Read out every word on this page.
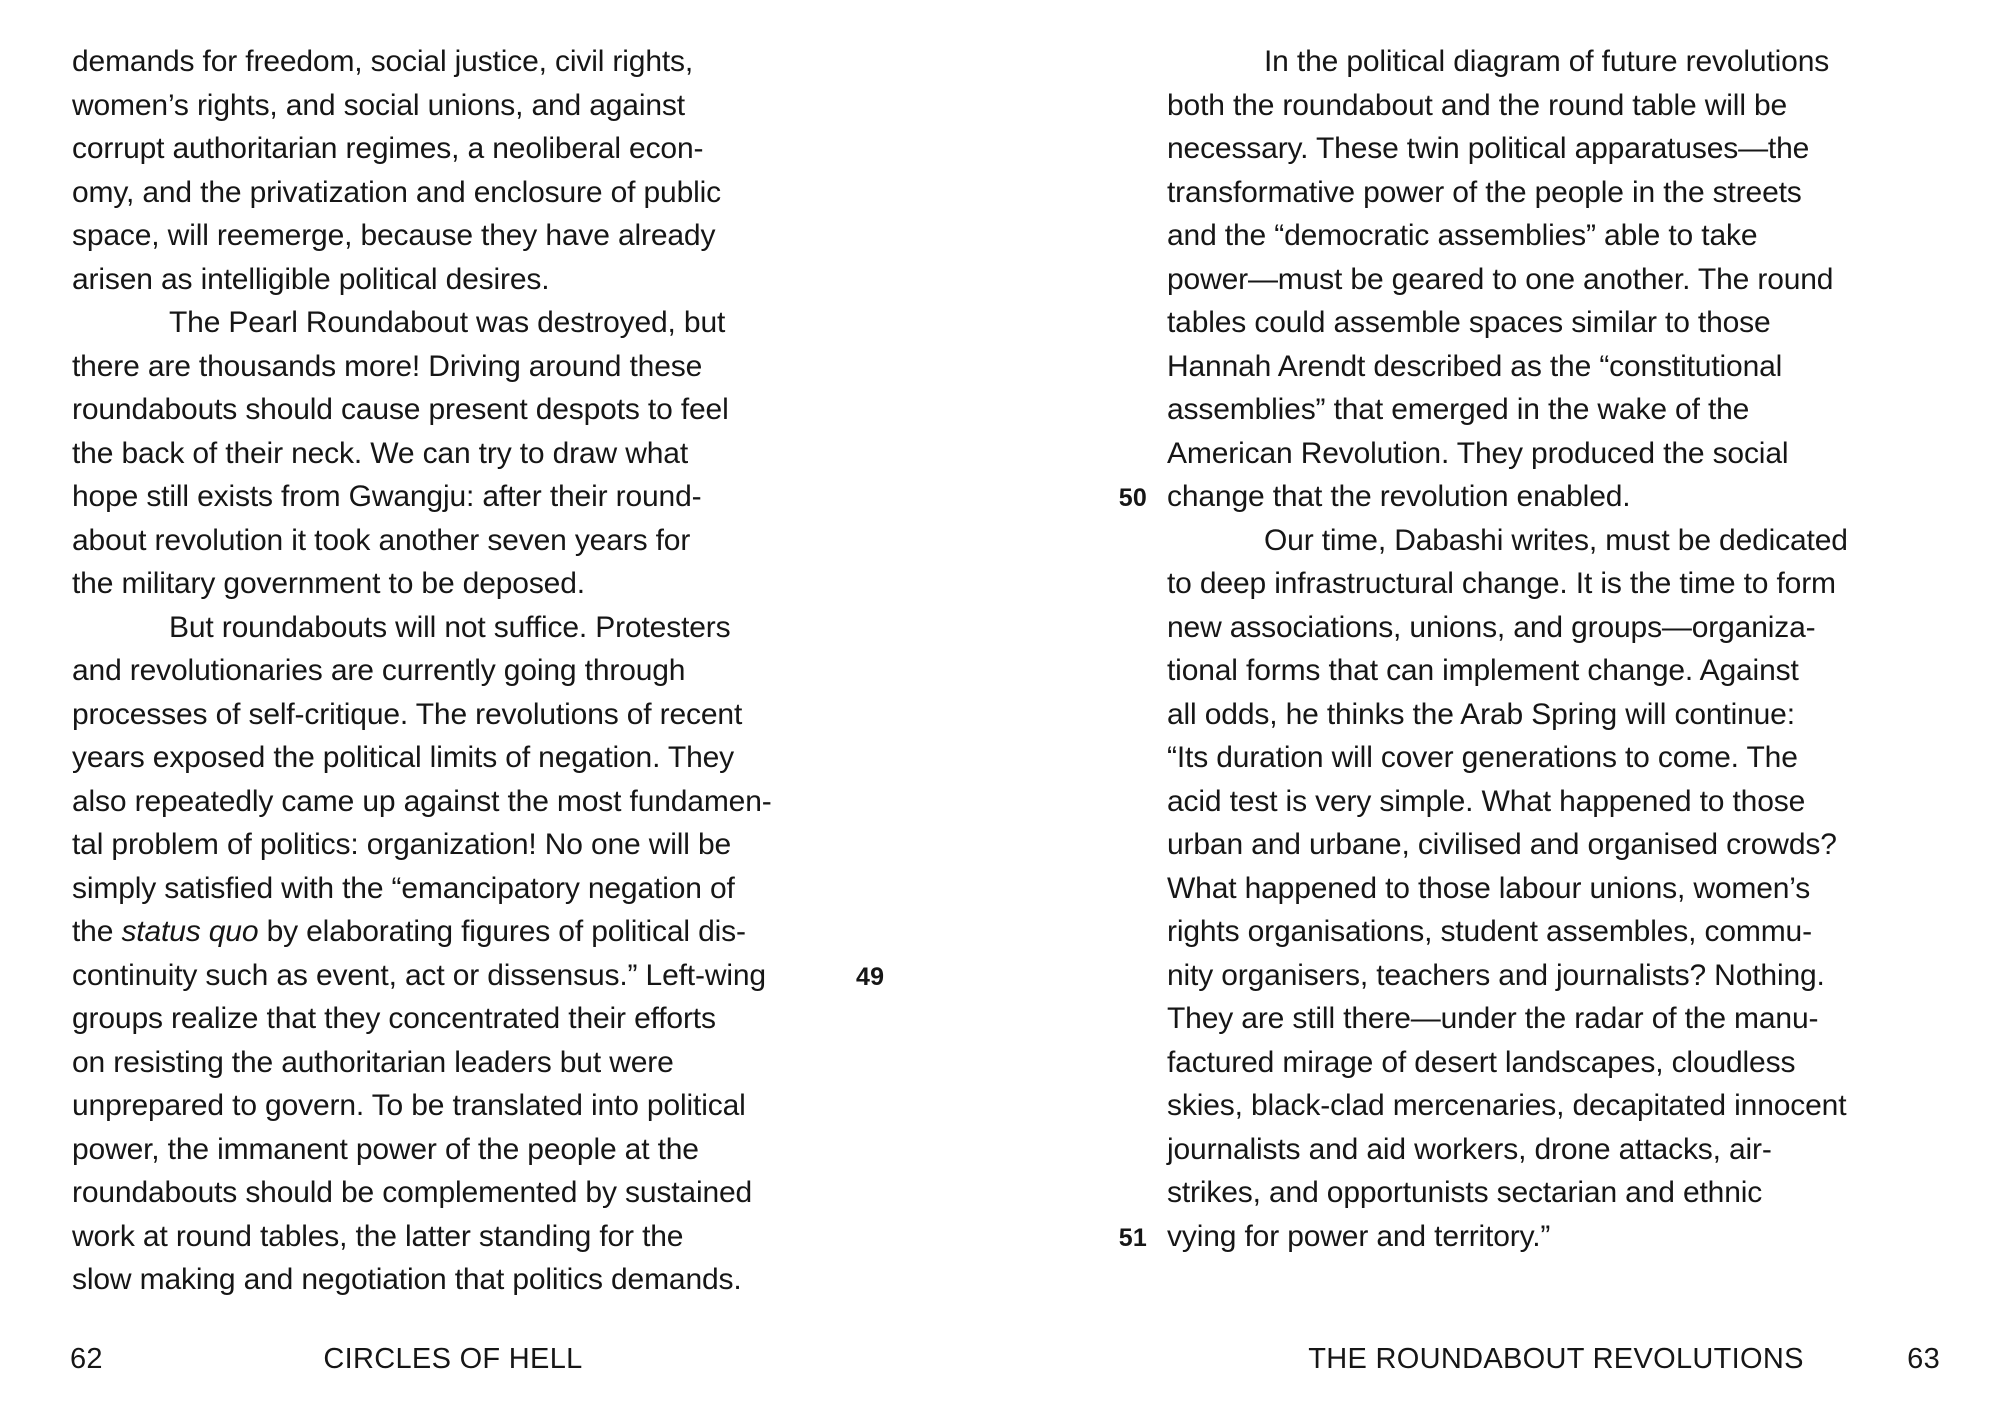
demands for freedom, social justice, civil rights,
women’s rights, and social unions, and against
corrupt authoritarian regimes, a neoliberal econ-
omy, and the privatization and enclosure of public
space, will reemerge, because they have already
arisen as intelligible political desires.
The Pearl Roundabout was destroyed, but
there are thousands more! Driving around these
roundabouts should cause present despots to feel
the back of their neck. We can try to draw what
hope still exists from Gwangju: after their round-
about revolution it took another seven years for
the military government to be deposed.
But roundabouts will not suffice. Protesters
and revolutionaries are currently going through
processes of self-critique. The revolutions of recent
years exposed the political limits of negation. They
also repeatedly came up against the most fundamen-
tal problem of politics: organization! No one will be
simply satisfied with the “emancipatory negation of
the status quo by elaborating figures of political dis-
continuity such as event, act or dissensus.” Left-wing
groups realize that they concentrated their efforts
on resisting the authoritarian leaders but were
unprepared to govern. To be translated into political
power, the immanent power of the people at the
roundabouts should be complemented by sustained
work at round tables, the latter standing for the
slow making and negotiation that politics demands.
49
62	CIRCLES OF HELL
In the political diagram of future revolutions
both the roundabout and the round table will be
necessary. These twin political apparatuses—the
transformative power of the people in the streets
and the “democratic assemblies” able to take
power—must be geared to one another. The round
tables could assemble spaces similar to those
Hannah Arendt described as the “constitutional
assemblies” that emerged in the wake of the
American Revolution. They produced the social
change that the revolution enabled.
Our time, Dabashi writes, must be dedicated
to deep infrastructural change. It is the time to form
new associations, unions, and groups—organiza-
tional forms that can implement change. Against
all odds, he thinks the Arab Spring will continue:
“Its duration will cover generations to come. The
acid test is very simple. What happened to those
urban and urbane, civilised and organised crowds?
What happened to those labour unions, women’s
rights organisations, student assembles, commu-
nity organisers, teachers and journalists? Nothing.
They are still there—under the radar of the manu-
factured mirage of desert landscapes, cloudless
skies, black-clad mercenaries, decapitated innocent
journalists and aid workers, drone attacks, air-
strikes, and opportunists sectarian and ethnic
vying for power and territory.”
50
51
THE ROUNDABOUT REVOLUTIONS	63
